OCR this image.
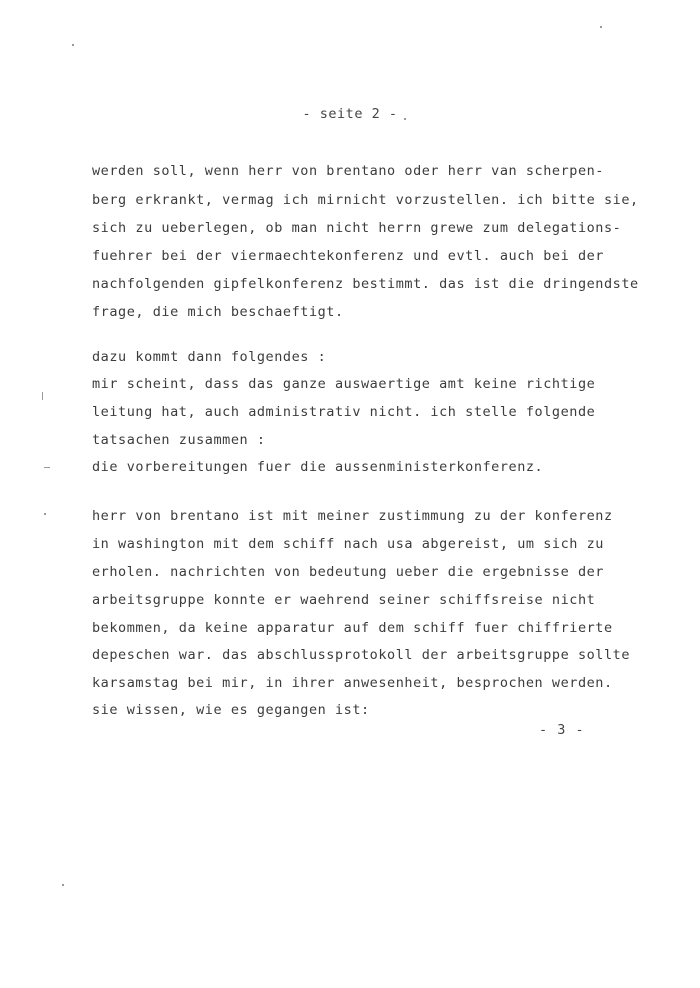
- seite 2 -
werden soll, wenn herr von brentano oder herr van scherpen-
berg erkrankt, vermag ich mirnicht vorzustellen. ich bitte sie,
sich zu ueberlegen, ob man nicht herrn grewe zum delegations-
fuehrer bei der viermaechtekonferenz und evtl. auch bei der
nachfolgenden gipfelkonferenz bestimmt. das ist die dringendste
frage, die mich beschaeftigt.
dazu kommt dann folgendes :
mir scheint, dass das ganze auswaertige amt keine richtige
leitung hat, auch administrativ nicht. ich stelle folgende
tatsachen zusammen :
die vorbereitungen fuer die aussenministerkonferenz.
herr von brentano ist mit meiner zustimmung zu der konferenz
in washington mit dem schiff nach usa abgereist, um sich zu
erholen. nachrichten von bedeutung ueber die ergebnisse der
arbeitsgruppe konnte er waehrend seiner schiffsreise nicht
bekommen, da keine apparatur auf dem schiff fuer chiffrierte
depeschen war. das abschlussprotokoll der arbeitsgruppe sollte
karsamstag bei mir, in ihrer anwesenheit, besprochen werden.
sie wissen, wie es gegangen ist:
- 3 -
